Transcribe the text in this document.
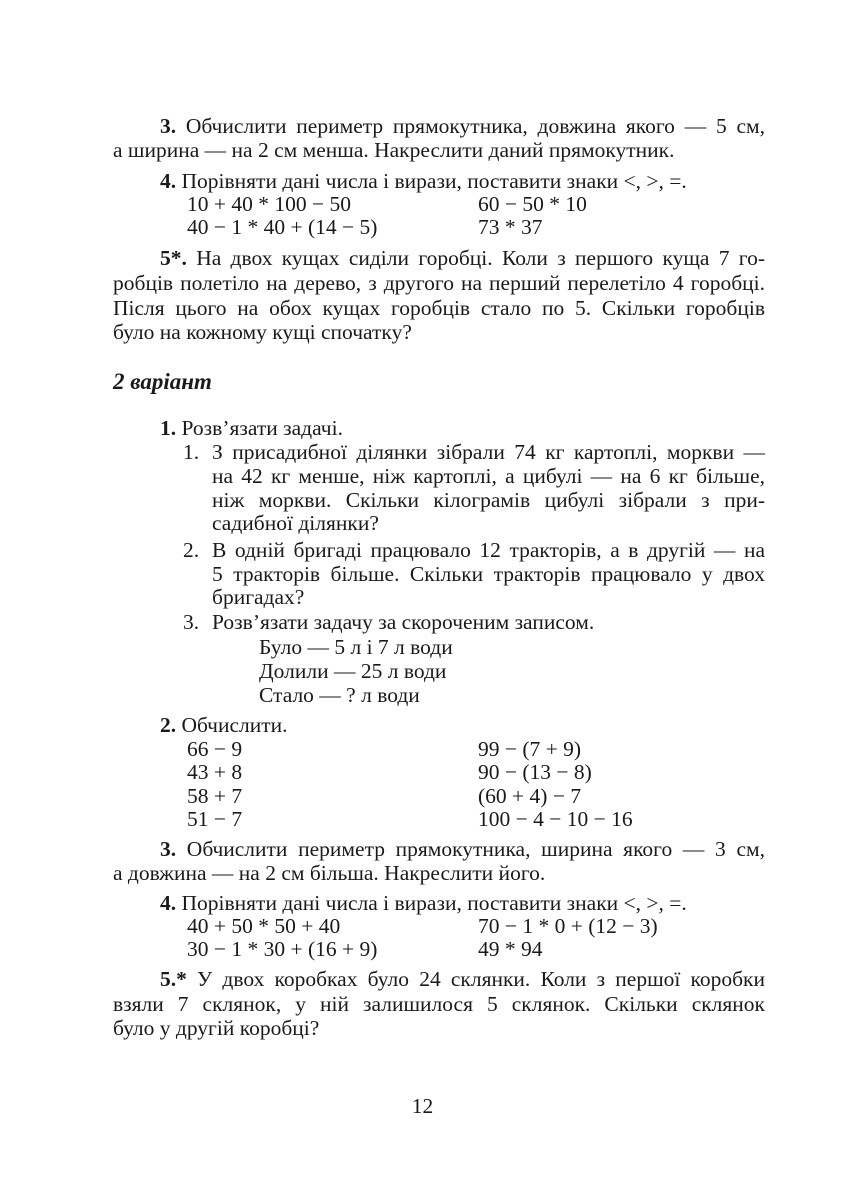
3. Обчислити периметр прямокутника, довжина якого — 5 см,
а ширина — на 2 см менша. Накреслити даний прямокутник.
4. Порівняти дані числа і вирази, поставити знаки <, >, =.
10 + 40 * 100 − 50	60 − 50 * 10
40 − 1 * 40 + (14 − 5)	73 * 37
5*. На двох кущах сиділи горобці. Коли з першого куща 7 го-
робців полетіло на дерево, з другого на перший перелетіло 4 горобці.
Після цього на обох кущах горобців стало по 5. Скільки горобців
було на кожному кущі спочатку?
2 варіант
1. Розв’язати задачі.
1. З присадибної ділянки зібрали 74 кг картоплі, моркви —
на 42 кг менше, ніж картоплі, а цибулі — на 6 кг більше,
ніж моркви. Скільки кілограмів цибулі зібрали з при-
садибної ділянки?
2. В одній бригаді працювало 12 тракторів, а в другій — на
5 тракторів більше. Скільки тракторів працювало у двох
бригадах?
3. Розв’язати задачу за скороченим записом.
Було — 5 л і 7 л води
Долили — 25 л води
Стало — ? л води
2. Обчислити.
66 − 9	99 − (7 + 9)
43 + 8	90 − (13 − 8)
58 + 7	(60 + 4) − 7
51 − 7	100 − 4 − 10 − 16
3. Обчислити периметр прямокутника, ширина якого — 3 см,
а довжина — на 2 см більша. Накреслити його.
4. Порівняти дані числа і вирази, поставити знаки <, >, =.
40 + 50 * 50 + 40	70 − 1 * 0 + (12 − 3)
30 − 1 * 30 + (16 + 9)	49 * 94
5.* У двох коробках було 24 склянки. Коли з першої коробки
взяли 7 склянок, у ній залишилося 5 склянок. Скільки склянок
було у другій коробці?
12
